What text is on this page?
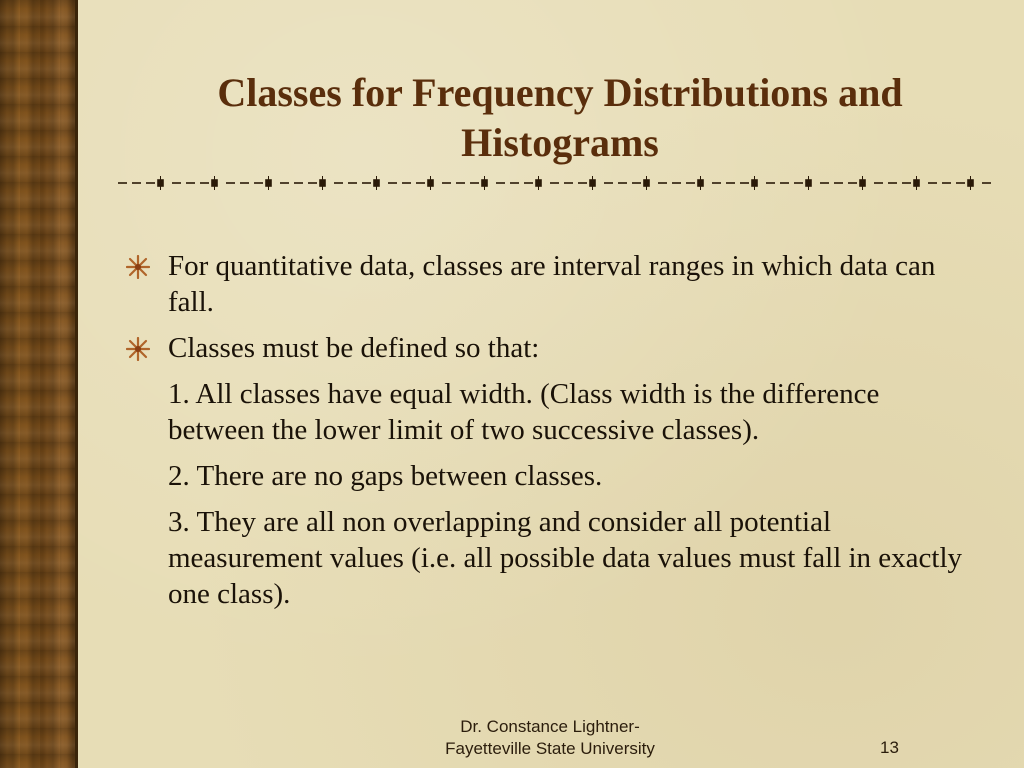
Classes for Frequency Distributions and
Histograms
For quantitative data, classes are interval ranges in which data can fall.
Classes must be defined so that:
1. All classes have equal width. (Class width is the difference between the lower limit of two successive classes).
2. There are no gaps between classes.
3. They are all non overlapping and consider all potential measurement values (i.e. all possible data values must fall in exactly one class).
Dr. Constance Lightner-
Fayetteville State University	13
